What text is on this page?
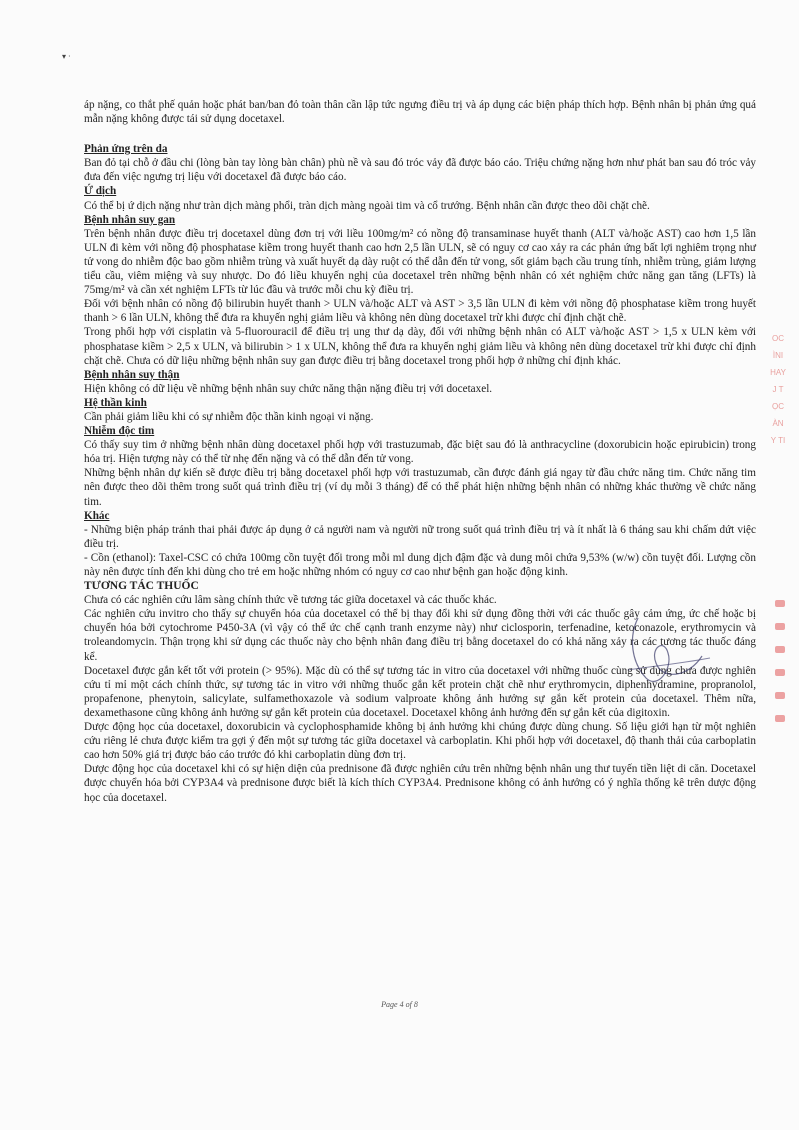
▾ ·

áp nặng, co thắt phế quản hoặc phát ban/ban đỏ toàn thân cần lập tức ngưng điều trị và áp dụng các biện pháp thích hợp. Bệnh nhân bị phản ứng quá mẫn nặng không được tái sử dụng docetaxel.

Phản ứng trên da

Ban đỏ tại chỗ ở đầu chi (lòng bàn tay lòng bàn chân) phù nề và sau đó tróc vảy đã được báo cáo. Triệu chứng nặng hơn như phát ban sau đó tróc vảy đưa đến việc ngưng trị liệu với docetaxel đã được báo cáo.

Ứ dịch

Có thể bị ứ dịch nặng như tràn dịch màng phổi, tràn dịch màng ngoài tim và cổ trướng. Bệnh nhân cần được theo dõi chặt chẽ.

Bệnh nhân suy gan

Trên bệnh nhân được điều trị docetaxel dùng đơn trị với liều 100mg/m² có nồng độ transaminase huyết thanh (ALT và/hoặc AST) cao hơn 1,5 lần ULN đi kèm với nồng độ phosphatase kiềm trong huyết thanh cao hơn 2,5 lần ULN, sẽ có nguy cơ cao xảy ra các phản ứng bất lợi nghiêm trọng như tử vong do nhiễm độc bao gồm nhiễm trùng và xuất huyết dạ dày ruột có thể dẫn đến tử vong, sốt giảm bạch cầu trung tính, nhiễm trùng, giảm lượng tiểu cầu, viêm miệng và suy nhược. Do đó liều khuyến nghị của docetaxel trên những bệnh nhân có xét nghiệm chức năng gan tăng (LFTs) là 75mg/m² và cần xét nghiệm LFTs từ lúc đầu và trước mỗi chu kỳ điều trị.

Đối với bệnh nhân có nồng độ bilirubin huyết thanh > ULN và/hoặc ALT và AST > 3,5 lần ULN đi kèm với nồng độ phosphatase kiềm trong huyết thanh > 6 lần ULN, không thể đưa ra khuyến nghị giảm liều và không nên dùng docetaxel trừ khi được chỉ định chặt chẽ.

Trong phối hợp với cisplatin và 5-fluorouracil để điều trị ung thư dạ dày, đối với những bệnh nhân có ALT và/hoặc AST > 1,5 x ULN kèm với phosphatase kiềm > 2,5 x ULN, và bilirubin > 1 x ULN, không thể đưa ra khuyến nghị giảm liều và không nên dùng docetaxel trừ khi được chỉ định chặt chẽ. Chưa có dữ liệu những bệnh nhân suy gan được điều trị bằng docetaxel trong phối hợp ở những chỉ định khác.

Bệnh nhân suy thận

Hiện không có dữ liệu về những bệnh nhân suy chức năng thận nặng điều trị với docetaxel.

Hệ thần kinh

Cần phải giảm liều khi có sự nhiễm độc thần kinh ngoại vi nặng.

Nhiễm độc tim

Có thấy suy tim ở những bệnh nhân dùng docetaxel phối hợp với trastuzumab, đặc biệt sau đó là anthracycline (doxorubicin hoặc epirubicin) trong hóa trị. Hiện tượng này có thể từ nhẹ đến nặng và có thể dẫn đến tử vong.

Những bệnh nhân dự kiến sẽ được điều trị bằng docetaxel phối hợp với trastuzumab, cần được đánh giá ngay từ đầu chức năng tim. Chức năng tim nên được theo dõi thêm trong suốt quá trình điều trị (ví dụ mỗi 3 tháng) để có thể phát hiện những bệnh nhân có những khác thường về chức năng tim.

Khác

- Những biện pháp tránh thai phải được áp dụng ở cả người nam và người nữ trong suốt quá trình điều trị và ít nhất là 6 tháng sau khi chấm dứt việc điều trị.

- Cồn (ethanol): Taxel-CSC có chứa 100mg cồn tuyệt đối trong mỗi ml dung dịch đậm đặc và dung môi chứa 9,53% (w/w) cồn tuyệt đối. Lượng cồn này nên được tính đến khi dùng cho trẻ em hoặc những nhóm có nguy cơ cao như bệnh gan hoặc động kinh.

TƯƠNG TÁC THUỐC

Chưa có các nghiên cứu lâm sàng chính thức về tương tác giữa docetaxel và các thuốc khác.

Các nghiên cứu invitro cho thấy sự chuyển hóa của docetaxel có thể bị thay đổi khi sử dụng đồng thời với các thuốc gây cảm ứng, ức chế hoặc bị chuyển hóa bởi cytochrome P450-3A (vì vậy có thể ức chế cạnh tranh enzyme này) như ciclosporin, terfenadine, ketoconazole, erythromycin và troleandomycin. Thận trọng khi sử dụng các thuốc này cho bệnh nhân đang điều trị bằng docetaxel do có khả năng xảy ra các tương tác thuốc đáng kể.

Docetaxel được gắn kết tốt với protein (> 95%). Mặc dù có thể sự tương tác in vitro của docetaxel với những thuốc cùng sử dụng chưa được nghiên cứu tỉ mỉ một cách chính thức, sự tương tác in vitro với những thuốc gắn kết protein chặt chẽ như erythromycin, diphenhydramine, propranolol, propafenone, phenytoin, salicylate, sulfamethoxazole và sodium valproate không ảnh hưởng sự gắn kết protein của docetaxel. Thêm nữa, dexamethasone cũng không ảnh hưởng sự gắn kết protein của docetaxel. Docetaxel không ảnh hưởng đến sự gắn kết của digitoxin.

Dược động học của docetaxel, doxorubicin và cyclophosphamide không bị ảnh hưởng khi chúng được dùng chung. Số liệu giới hạn từ một nghiên cứu riêng lẻ chưa được kiểm tra gợi ý đến một sự tương tác giữa docetaxel và carboplatin. Khi phối hợp với docetaxel, độ thanh thải của carboplatin cao hơn 50% giá trị được báo cáo trước đó khi carboplatin dùng đơn trị.

Dược động học của docetaxel khi có sự hiện diện của prednisone đã được nghiên cứu trên những bệnh nhân ung thư tuyến tiền liệt di căn. Docetaxel được chuyển hóa bởi CYP3A4 và prednisone được biết là kích thích CYP3A4. Prednisone không có ảnh hưởng có ý nghĩa thống kê trên dược động học của docetaxel.

Page 4 of 8
OC
ÌNI
HAY
J T
ỌC
ÀN
Y TI
